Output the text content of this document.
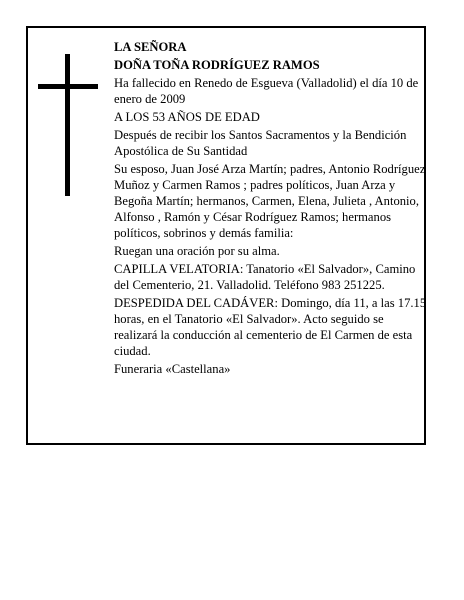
LA SEÑORA

DOÑA TOÑA RODRÍGUEZ RAMOS

Ha fallecido en Renedo de Esgueva (Valladolid) el día 10 de enero de 2009

A LOS 53 AÑOS DE EDAD

Después de recibir los Santos Sacramentos y la Bendición Apostólica de Su Santidad

Su esposo, Juan José Arza Martín; padres, Antonio Rodríguez Muñoz y Carmen Ramos ; padres políticos, Juan Arza y Begoña Martín; hermanos, Carmen, Elena, Julieta , Antonio, Alfonso , Ramón y César Rodríguez Ramos; hermanos políticos, sobrinos y demás familia:

Ruegan una oración por su alma.

CAPILLA VELATORIA: Tanatorio «El Salvador», Camino del Cementerio, 21. Valladolid. Teléfono 983 251225.

DESPEDIDA DEL CADÁVER: Domingo, día 11, a las 17.15 horas, en el Tanatorio «El Salvador». Acto seguido se realizará la conducción al cementerio de El Carmen de esta ciudad.

Funeraria «Castellana»
